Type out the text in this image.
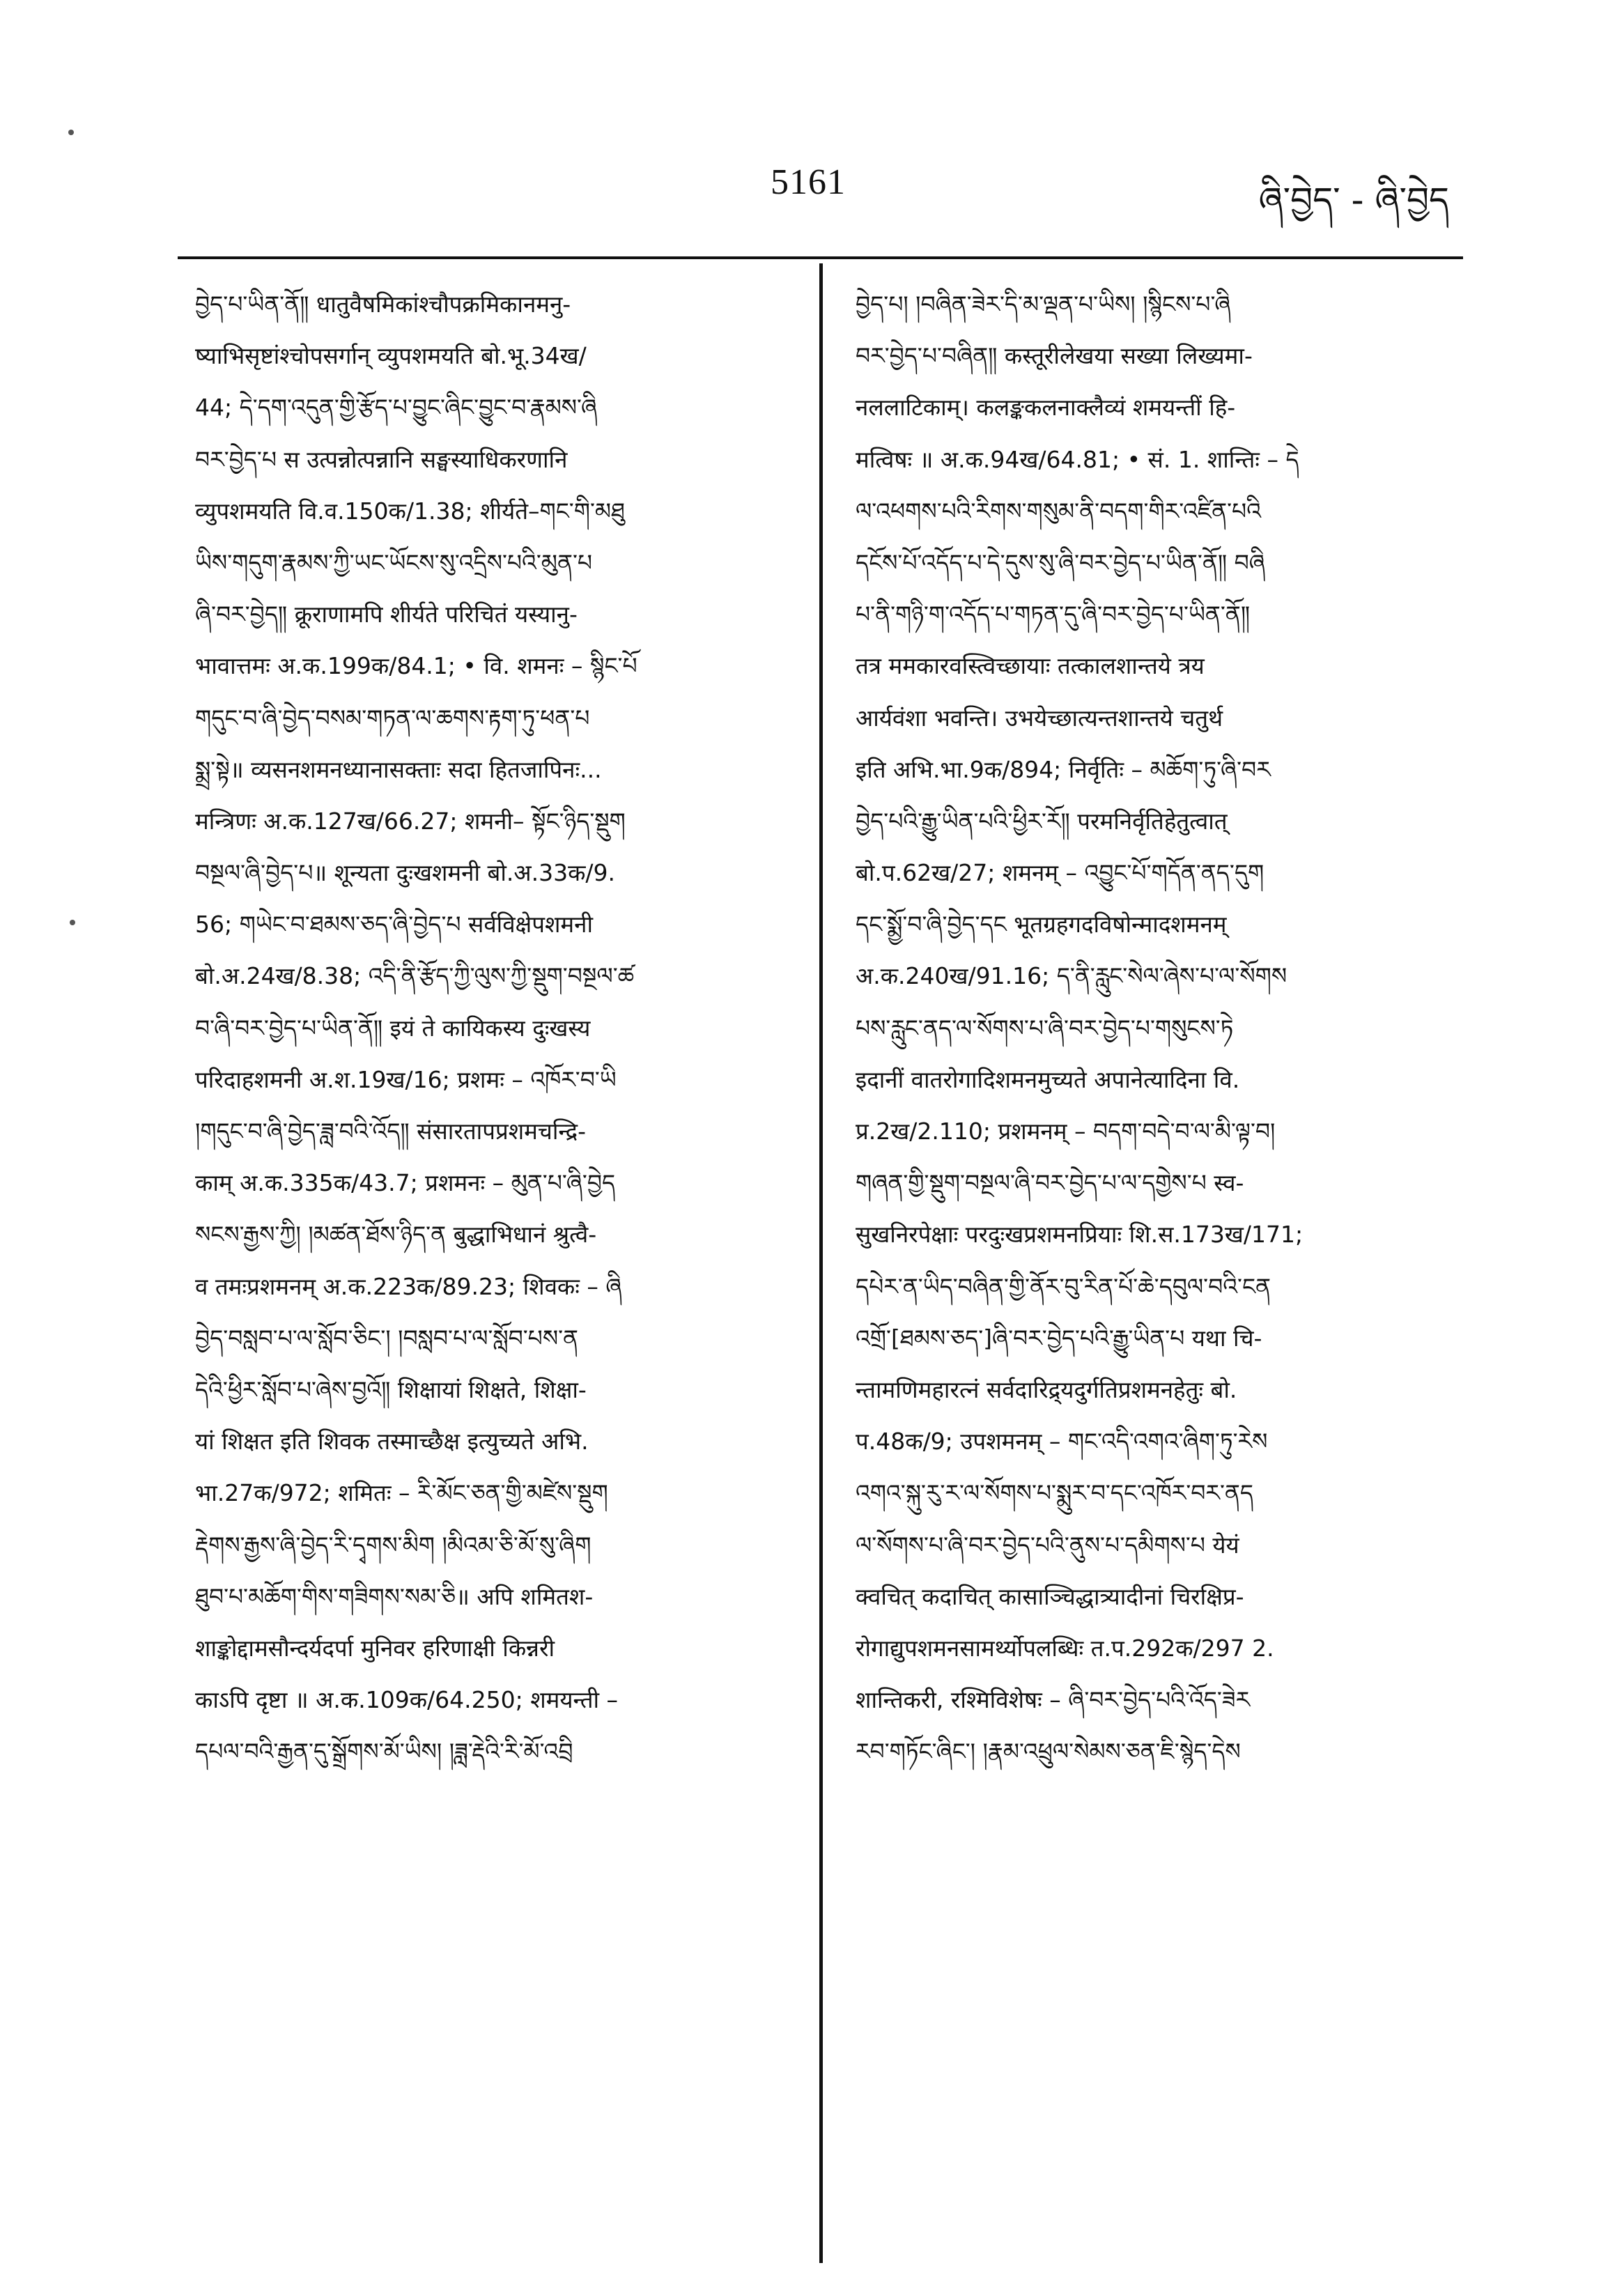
5161	ཞི་བྱེད་ - ཞི་བྱེད
བྱེད་པ་ཡིན་ནོ༎ धातुवैषमिकांश्चौपक्रमिकानमनु-
ष्याभिसृष्टांश्चोपसर्गान् व्युपशमयति बो.भू.34ख/
44; དེ་དག་འདུན་གྱི་རྩོད་པ་བྱུང་ཞིང་བྱུང་བ་རྣམས་ཞི
བར་བྱེད་པ स उत्पन्नोत्पन्नानि सङ्घस्याधिकरणानि
व्युपशमयति वि.व.150क/1.38; शीर्यते–གང་གི་མཐུ
ཡིས་གདུག་རྣམས་ཀྱི་ཡང་ཡོངས་སུ་འདྲིས་པའི་མུན་པ
ཞི་བར་བྱེད༎ क्रूराणामपि शीर्यते परिचितं यस्यानु-
भावात्तमः अ.क.199क/84.1; • वि. शमनः – སྙིང་པོ
གདུང་བ་ཞི་བྱེད་བསམ་གཏན་ལ་ཆགས་རྟག་ཏུ་ཕན་པ
སྨྲ་སྟེ॥ व्यसनशमनध्यानासक्ताः सदा हितजापिनः...
मन्त्रिणः अ.क.127ख/66.27; शमनी– སྟོང་ཉིད་སྡུག
བསྔལ་ཞི་བྱེད་པ॥ शून्यता दुःखशमनी बो.अ.33क/9.
56; གཡེང་བ་ཐམས་ཅད་ཞི་བྱེད་པ सर्वविक्षेपशमनी
बो.अ.24ख/8.38; འདི་ནི་རྩོད་ཀྱི་ལུས་ཀྱི་སྡུག་བསྔལ་ཚ
བ་ཞི་བར་བྱེད་པ་ཡིན་ནོ༎ इयं ते कायिकस्य दुःखस्य
परिदाहशमनी अ.श.19ख/16; प्रशमः – འཁོར་བ་ཡི
།གདུང་བ་ཞི་བྱེད་ཟླ་བའི་འོད༎ संसारतापप्रशमचन्द्रि-
काम् अ.क.335क/43.7; प्रशमनः – མུན་པ་ཞི་བྱེད
སངས་རྒྱས་ཀྱི། །མཚན་ཐོས་ཉིད་ན बुद्धाभिधानं श्रुत्वै-
व तमःप्रशमनम् अ.क.223क/89.23; शिवकः – ཞི
བྱེད་བསླབ་པ་ལ་སློབ་ཅིང་། །བསླབ་པ་ལ་སློབ་པས་ན
དེའི་ཕྱིར་སློབ་པ་ཞེས་བྱའོ༎ शिक्षायां शिक्षते, शिक्षा-
यां शिक्षत इति शिवक तस्माच्छैक्ष इत्युच्यते अभि.
भा.27क/972; शमितः – རི་མོང་ཅན་གྱི་མཛེས་སྡུག
རྡེགས་རྒྱས་ཞི་བྱེད་རི་དྭགས་མིག །མིའམ་ཅི་མོ་སུ་ཞིག
ཐུབ་པ་མཆོག་གིས་གཟིགས་སམ་ཅི॥ अपि शमितश-
शाङ्कोद्दामसौन्दर्यदर्पा मुनिवर हरिणाक्षी किन्नरी
काऽपि दृष्टा ॥ अ.क.109क/64.250; शमयन्ती –
དཔལ་བའི་རྒྱན་དུ་སྒྲོགས་མོ་ཡིས། །ཟླ་རྡེའི་རི་མོ་འབྲི
བྱེད་པ། །བཞིན་ཟེར་དི་མ་ལྡན་པ་ཡིས། །སྙིངས་པ་ཞི
བར་བྱེད་པ་བཞིན༎ कस्तूरीलेखया सख्या लिख्यमा-
नललाटिकाम्। कलङ्ककलनाक्लैव्यं शमयन्तीं हि-
मत्विषः ॥ अ.क.94ख/64.81; • सं. 1. शान्तिः – དེ
ལ་འཕགས་པའི་རིགས་གསུམ་ནི་བདག་གིར་འཛིན་པའི
དངོས་པོ་འདོད་པ་དེ་དུས་སུ་ཞི་བར་བྱེད་པ་ཡིན་ནོ༎ བཞི
པ་ནི་གཉི་ག་འདོད་པ་གཏན་དུ་ཞི་བར་བྱེད་པ་ཡིན་ནོ༎
तत्र ममकारवस्त्विच्छायाः तत्कालशान्तये त्रय
आर्यवंशा भवन्ति। उभयेच्छात्यन्तशान्तये चतुर्थ
इति अभि.भा.9क/894; निर्वृतिः – མཆོག་ཏུ་ཞི་བར
བྱེད་པའི་རྒྱུ་ཡིན་པའི་ཕྱིར་རོ༎ परमनिर्वृतिहेतुत्वात्
बो.प.62ख/27; शमनम् – འབྱུང་པོ་གདོན་ནད་དུག
དང་སྨྱོ་བ་ཞི་བྱེད་དང भूतग्रहगदविषोन्मादशमनम्
अ.क.240ख/91.16; ད་ནི་རླུང་སེལ་ཞེས་པ་ལ་སོགས
པས་རླུང་ནད་ལ་སོགས་པ་ཞི་བར་བྱེད་པ་གསུངས་ཏེ
इदानीं वातरोगादिशमनमुच्यते अपानेत्यादिना वि.
प्र.2ख/2.110; प्रशमनम् – བདག་བདེ་བ་ལ་མི་ལྟ་བ།
གཞན་གྱི་སྡུག་བསྔལ་ཞི་བར་བྱེད་པ་ལ་དགྱེས་པ स्व-
सुखनिरपेक्षाः परदुःखप्रशमनप्रियाः शि.स.173ख/171;
དཔེར་ན་ཡིད་བཞིན་གྱི་ནོར་བུ་རིན་པོ་ཆེ་དབུལ་བའི་ངན
འགྲོ་[ཐམས་ཅད་]ཞི་བར་བྱེད་པའི་རྒྱུ་ཡིན་པ यथा चि-
न्तामणिमहारत्नं सर्वदारिद्र्यदुर्गतिप्रशमनहेतुः बो.
प.48क/9; उपशमनम् – གང་འདི་འགའ་ཞིག་ཏུ་རེས
འགའ་སྐུ་རུ་ར་ལ་སོགས་པ་སྨུར་བ་དང་འཁོར་བར་ནད
ལ་སོགས་པ་ཞི་བར་བྱེད་པའི་ནུས་པ་དམིགས་པ येयं
क्वचित् कदाचित् कासाञ्चिद्धात्र्यादीनां चिरक्षिप्र-
रोगाद्युपशमनसामर्थ्योपलब्धिः त.प.292क/297 2.
शान्तिकरी, रश्मिविशेषः – ཞི་བར་བྱེད་པའི་འོད་ཟེར
རབ་གཏོང་ཞིང་། །རྣམ་འཕྲུལ་སེམས་ཅན་ཇི་སྙེད་དེས
